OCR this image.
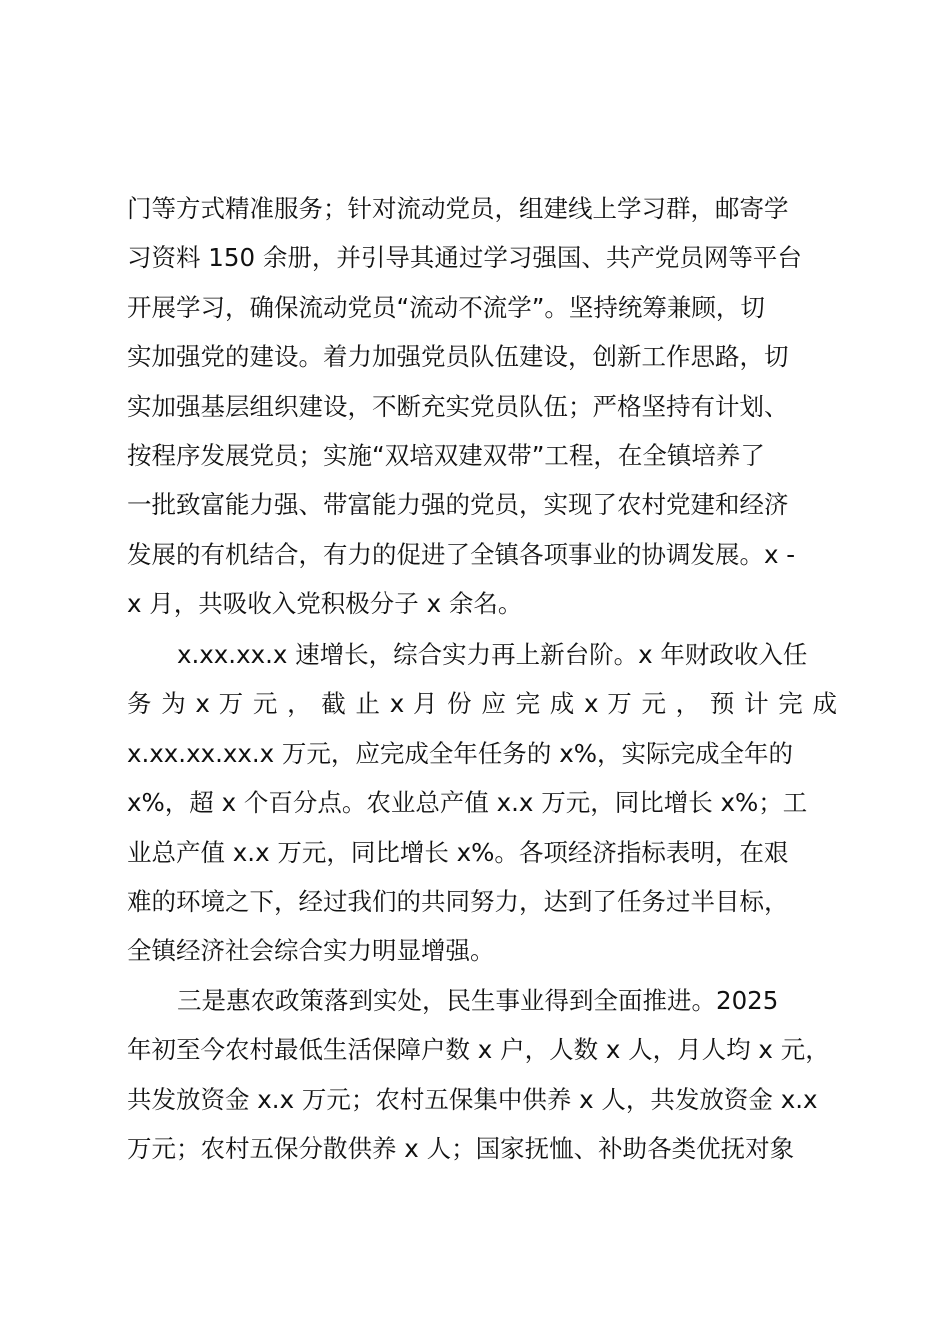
门等方式精准服务；针对流动党员，组建线上学习群，邮寄学
习资料 150 余册，并引导其通过学习强国、共产党员网等平台
开展学习，确保流动党员“流动不流学”。坚持统筹兼顾，切
实加强党的建设。着力加强党员队伍建设，创新工作思路，切
实加强基层组织建设，不断充实党员队伍；严格坚持有计划、
按程序发展党员；实施“双培双建双带”工程，在全镇培养了
一批致富能力强、带富能力强的党员，实现了农村党建和经济
发展的有机结合，有力的促进了全镇各项事业的协调发展。x -
x 月，共吸收入党积极分子 x 余名。
x.xx.xx.x 速增长，综合实力再上新台阶。x 年财政收入任
务 为 x 万 元 ， 截 止 x 月 份 应 完 成 x 万 元 ， 预 计 完 成
x.xx.xx.xx.x 万元，应完成全年任务的 x%，实际完成全年的
x%，超 x 个百分点。农业总产值 x.x 万元，同比增长 x%；工
业总产值 x.x 万元，同比增长 x%。各项经济指标表明，在艰
难的环境之下，经过我们的共同努力，达到了任务过半目标，
全镇经济社会综合实力明显增强。
三是惠农政策落到实处，民生事业得到全面推进。2025
年初至今农村最低生活保障户数 x 户，人数 x 人，月人均 x 元，
共发放资金 x.x 万元；农村五保集中供养 x 人，共发放资金 x.x
万元；农村五保分散供养 x 人；国家抚恤、补助各类优抚对象
